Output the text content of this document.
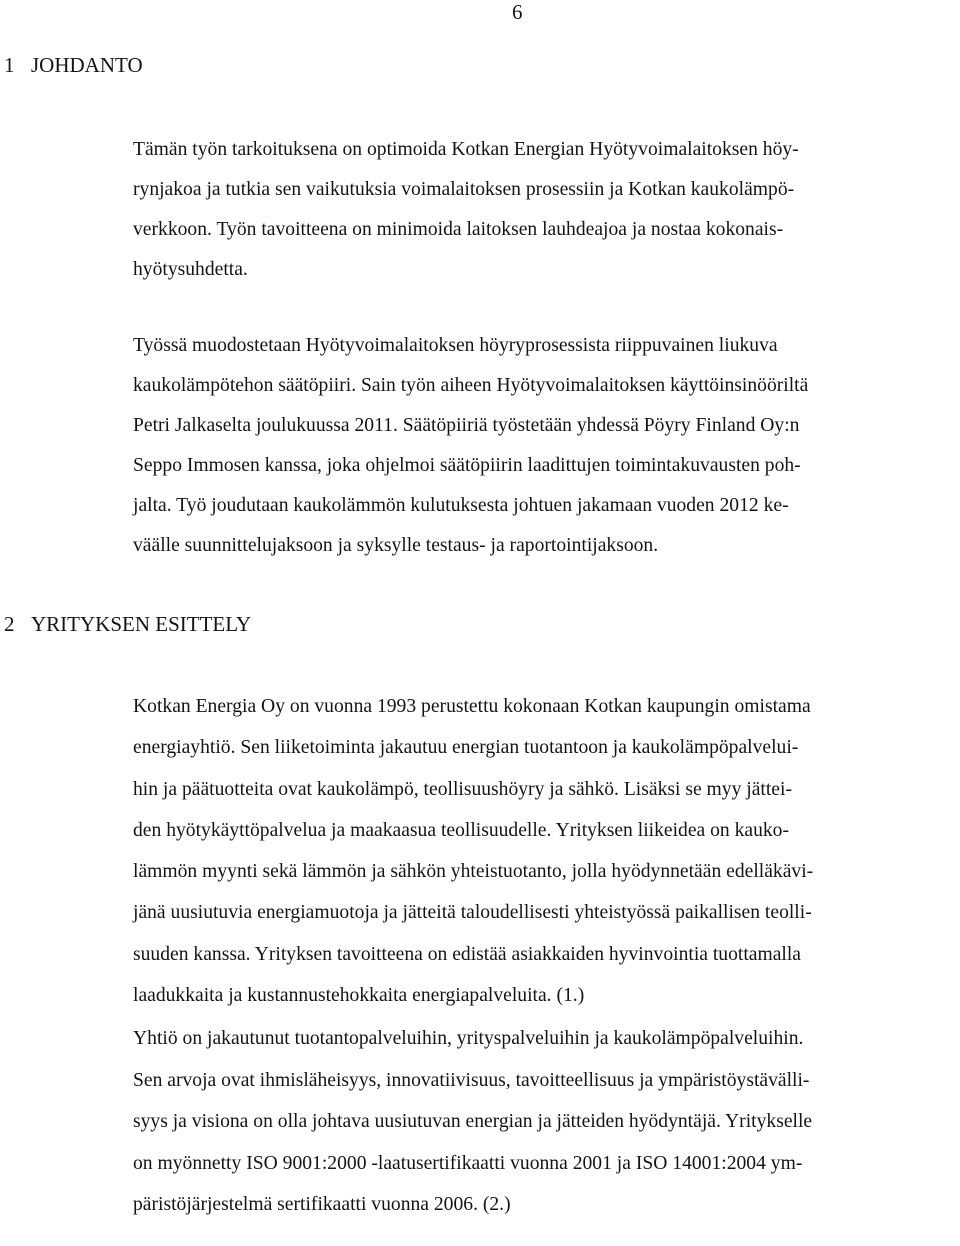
6
1 JOHDANTO

Tämän työn tarkoituksena on optimoida Kotkan Energian Hyötyvoimalaitoksen höy-
rynjakoa ja tutkia sen vaikutuksia voimalaitoksen prosessiin ja Kotkan kaukolämpö-
verkkoon. Työn tavoitteena on minimoida laitoksen lauhdeajoa ja nostaa kokonais-
hyötysuhdetta.

Työssä muodostetaan Hyötyvoimalaitoksen höyryprosessista riippuvainen liukuva
kaukolämpötehon säätöpiiri. Sain työn aiheen Hyötyvoimalaitoksen käyttöinsinööriltä
Petri Jalkaselta joulukuussa 2011. Säätöpiiriä työstetään yhdessä Pöyry Finland Oy:n
Seppo Immosen kanssa, joka ohjelmoi säätöpiirin laadittujen toimintakuvausten poh-
jalta. Työ joudutaan kaukolämmön kulutuksesta johtuen jakamaan vuoden 2012 ke-
väälle suunnittelujaksoon ja syksylle testaus- ja raportointijaksoon.

2 YRITYKSEN ESITTELY

Kotkan Energia Oy on vuonna 1993 perustettu kokonaan Kotkan kaupungin omistama
energiayhtiö. Sen liiketoiminta jakautuu energian tuotantoon ja kaukolämpöpalvelui-
hin ja päätuotteita ovat kaukolämpö, teollisuushöyry ja sähkö. Lisäksi se myy jättei-
den hyötykäyttöpalvelua ja maakaasua teollisuudelle. Yrityksen liikeidea on kauko-
lämmön myynti sekä lämmön ja sähkön yhteistuotanto, jolla hyödynnetään edelläkävi-
jänä uusiutuvia energiamuotoja ja jätteitä taloudellisesti yhteistyössä paikallisen teolli-
suuden kanssa. Yrityksen tavoitteena on edistää asiakkaiden hyvinvointia tuottamalla
laadukkaita ja kustannustehokkaita energiapalveluita. (1.)

Yhtiö on jakautunut tuotantopalveluihin, yrityspalveluihin ja kaukolämpöpalveluihin.
Sen arvoja ovat ihmisläheisyys, innovatiivisuus, tavoitteellisuus ja ympäristöystävälli-
syys ja visiona on olla johtava uusiutuvan energian ja jätteiden hyödyntäjä. Yritykselle
on myönnetty ISO 9001:2000 -laatusertifikaatti vuonna 2001 ja ISO 14001:2004 ym-
päristöjärjestelmä sertifikaatti vuonna 2006. (2.)
